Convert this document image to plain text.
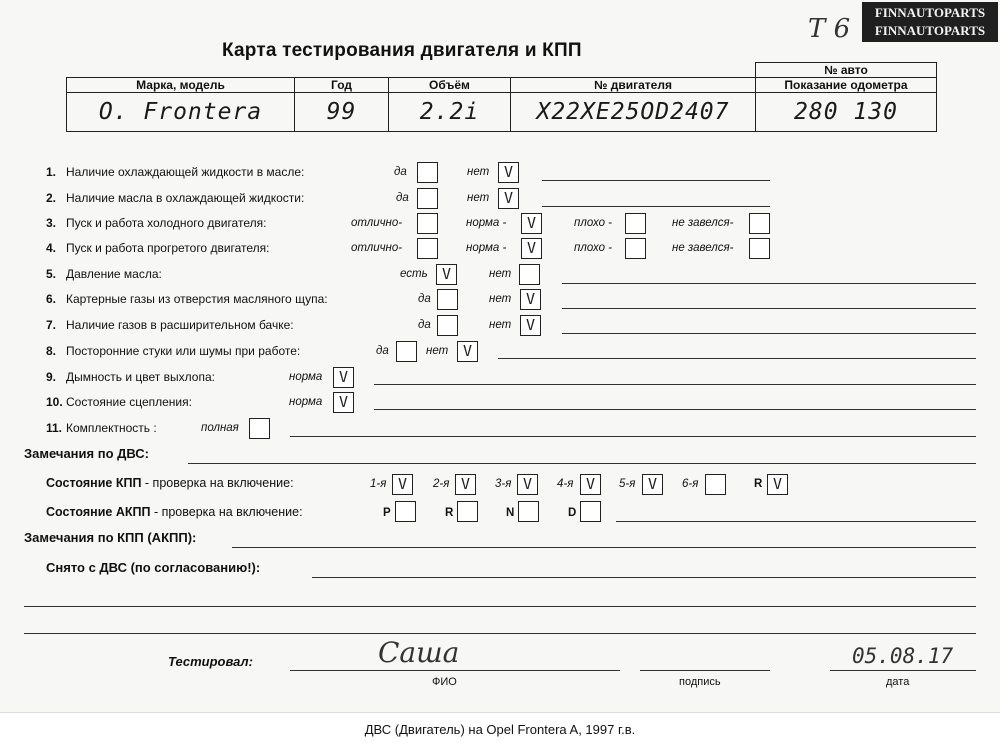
FINNAUTOPARTS
FINNAUTOPARTS
T 6
Карта тестирования двигателя и КПП
				№ авто
Марка, модель	Год	Объём	№ двигателя	Показание одометра
O. Frontera	99	2.2i	X22XE25OD2407	280 130
1. Наличие охлаждающей жидкости в масле:	да	нет V
2. Наличие масла в охлаждающей жидкости:	да	нет V
3. Пуск и работа холодного двигателя:	отлично-	норма -	V	плохо -	не завелся-
4. Пуск и работа прогретого двигателя:	отлично-	норма -	V	плохо -	не завелся-
5. Давление масла:	есть V	нет
6. Картерные газы из отверстия масляного щупа:	да	нет V
7. Наличие газов в расширительном бачке:	да	нет V
8. Посторонние стуки или шумы при работе:	да	нет V
9. Дымность и цвет выхлопа:	норма	V
10. Состояние сцепления:	норма	V
11. Комплектность :	полная
Замечания по ДВС:
Состояние КПП - проверка на включение:	1-я V	2-я V	3-я V	4-я V	5-я V	6-я	R V
Состояние АКПП - проверка на включение:	P	R	N	D
Замечания по КПП (АКПП):
Снято с ДВС (по согласованию!):
Тестировал:	Саша	05.08.17
ФИО	подпись	дата
ДВС (Двигатель) на Opel Frontera A, 1997 г.в.
